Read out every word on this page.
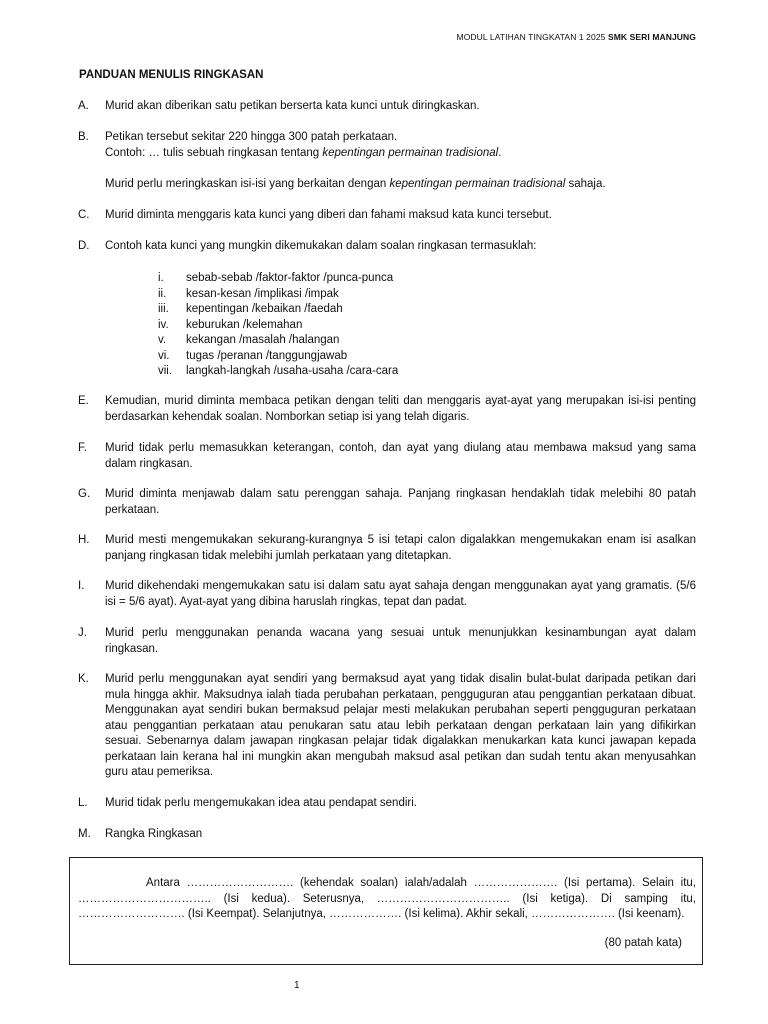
MODUL LATIHAN TINGKATAN 1 2025 SMK SERI MANJUNG
PANDUAN MENULIS RINGKASAN
A. Murid akan diberikan satu petikan berserta kata kunci untuk diringkaskan.
B. Petikan tersebut sekitar 220 hingga 300 patah perkataan.

Contoh: … tulis sebuah ringkasan tentang kepentingan permainan tradisional.

Murid perlu meringkaskan isi-isi yang berkaitan dengan kepentingan permainan tradisional sahaja.

C. Murid diminta menggaris kata kunci yang diberi dan fahami maksud kata kunci tersebut.
D. Contoh kata kunci yang mungkin dikemukakan dalam soalan ringkasan termasuklah:
i. sebab-sebab /faktor-faktor /punca-punca
ii. kesan-kesan /implikasi /impak
iii. kepentingan /kebaikan /faedah
iv. keburukan /kelemahan
v. kekangan /masalah /halangan
vi. tugas /peranan /tanggungjawab
vii. langkah-langkah /usaha-usaha /cara-cara
E. Kemudian, murid diminta membaca petikan dengan teliti dan menggaris ayat-ayat yang merupakan isi-isi penting berdasarkan kehendak soalan. Nomborkan setiap isi yang telah digaris.
F. Murid tidak perlu memasukkan keterangan, contoh, dan ayat yang diulang atau membawa maksud yang sama dalam ringkasan.
G. Murid diminta menjawab dalam satu perenggan sahaja. Panjang ringkasan hendaklah tidak melebihi 80 patah perkataan.
H. Murid mesti mengemukakan sekurang-kurangnya 5 isi tetapi calon digalakkan mengemukakan enam isi asalkan panjang ringkasan tidak melebihi jumlah perkataan yang ditetapkan.
I. Murid dikehendaki mengemukakan satu isi dalam satu ayat sahaja dengan menggunakan ayat yang gramatis. (5/6 isi = 5/6 ayat). Ayat-ayat yang dibina haruslah ringkas, tepat dan padat.
J. Murid perlu menggunakan penanda wacana yang sesuai untuk menunjukkan kesinambungan ayat dalam ringkasan.
K. Murid perlu menggunakan ayat sendiri yang bermaksud ayat yang tidak disalin bulat-bulat daripada petikan dari mula hingga akhir. Maksudnya ialah tiada perubahan perkataan, pengguguran atau penggantian perkataan dibuat. Menggunakan ayat sendiri bukan bermaksud pelajar mesti melakukan perubahan seperti pengguguran perkataan atau penggantian perkataan atau penukaran satu atau lebih perkataan dengan perkataan lain yang difikirkan sesuai. Sebenarnya dalam jawapan ringkasan pelajar tidak digalakkan menukarkan kata kunci jawapan kepada perkataan lain kerana hal ini mungkin akan mengubah maksud asal petikan dan sudah tentu akan menyusahkan guru atau pemeriksa.
L. Murid tidak perlu mengemukakan idea atau pendapat sendiri.
M. Rangka Ringkasan
Antara ………………………. (kehendak soalan) ialah/adalah …………………. (Isi pertama). Selain itu, …………………………….. (Isi kedua). Seterusnya, …………………………….. (Isi ketiga). Di samping itu, ………………………. (Isi Keempat). Selanjutnya, ………………. (Isi kelima). Akhir sekali, …………………. (Isi keenam).
(80 patah kata)
1
